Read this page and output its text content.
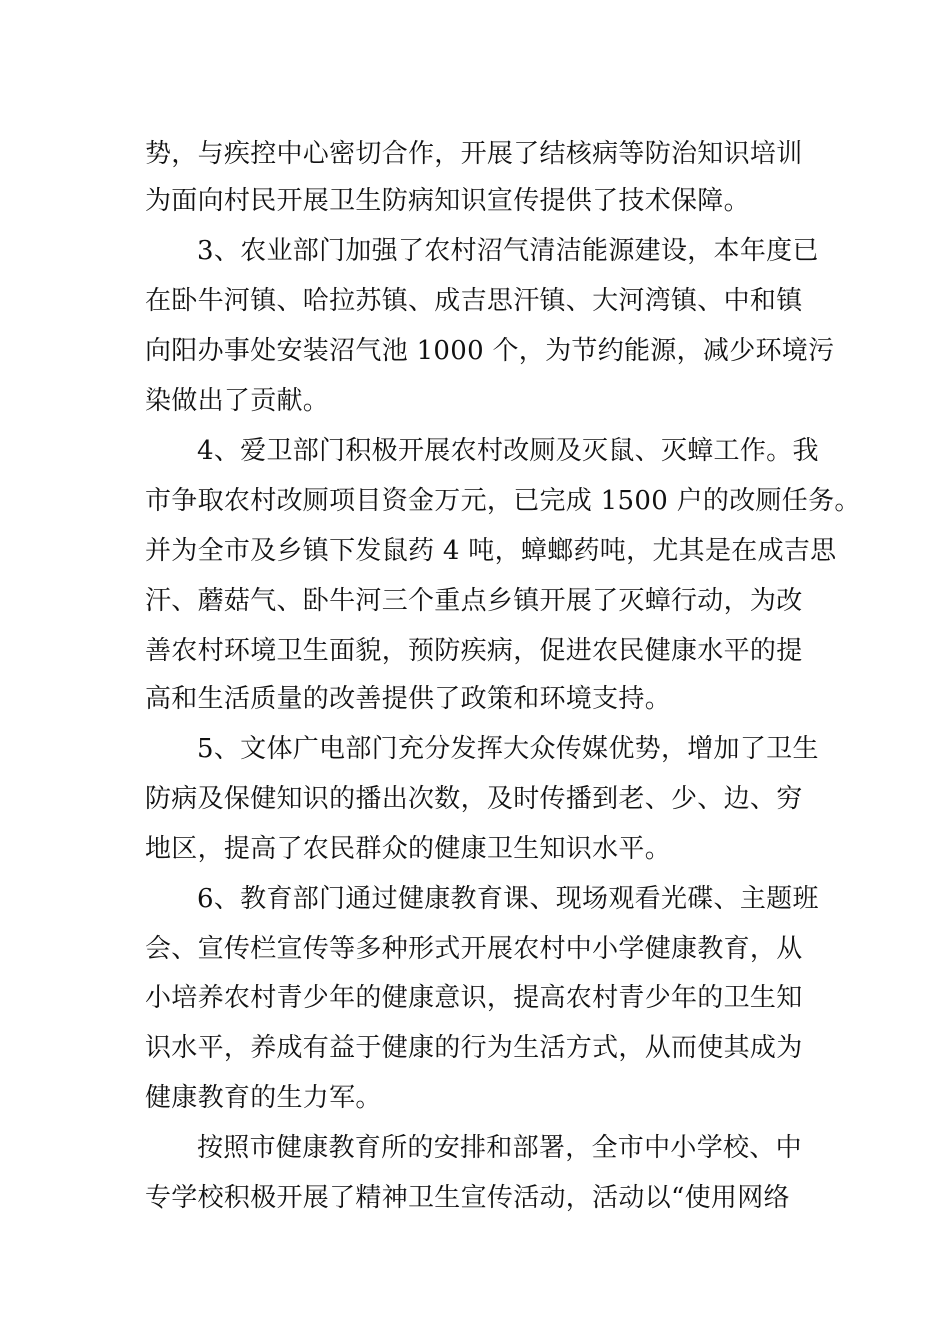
势，与疾控中心密切合作，开展了结核病等防治知识培训
为面向村民开展卫生防病知识宣传提供了技术保障。
3、农业部门加强了农村沼气清洁能源建设，本年度已
在卧牛河镇、哈拉苏镇、成吉思汗镇、大河湾镇、中和镇
向阳办事处安装沼气池 1000 个，为节约能源，减少环境污
染做出了贡献。
4、爱卫部门积极开展农村改厕及灭鼠、灭蟑工作。我
市争取农村改厕项目资金万元，已完成 1500 户的改厕任务。
并为全市及乡镇下发鼠药 4 吨，蟑螂药吨，尤其是在成吉思
汗、蘑菇气、卧牛河三个重点乡镇开展了灭蟑行动，为改
善农村环境卫生面貌，预防疾病，促进农民健康水平的提
高和生活质量的改善提供了政策和环境支持。
5、文体广电部门充分发挥大众传媒优势，增加了卫生
防病及保健知识的播出次数，及时传播到老、少、边、穷
地区，提高了农民群众的健康卫生知识水平。
6、教育部门通过健康教育课、现场观看光碟、主题班
会、宣传栏宣传等多种形式开展农村中小学健康教育，从
小培养农村青少年的健康意识，提高农村青少年的卫生知
识水平，养成有益于健康的行为生活方式，从而使其成为
健康教育的生力军。
按照市健康教育所的安排和部署，全市中小学校、中
专学校积极开展了精神卫生宣传活动，活动以“使用网络
